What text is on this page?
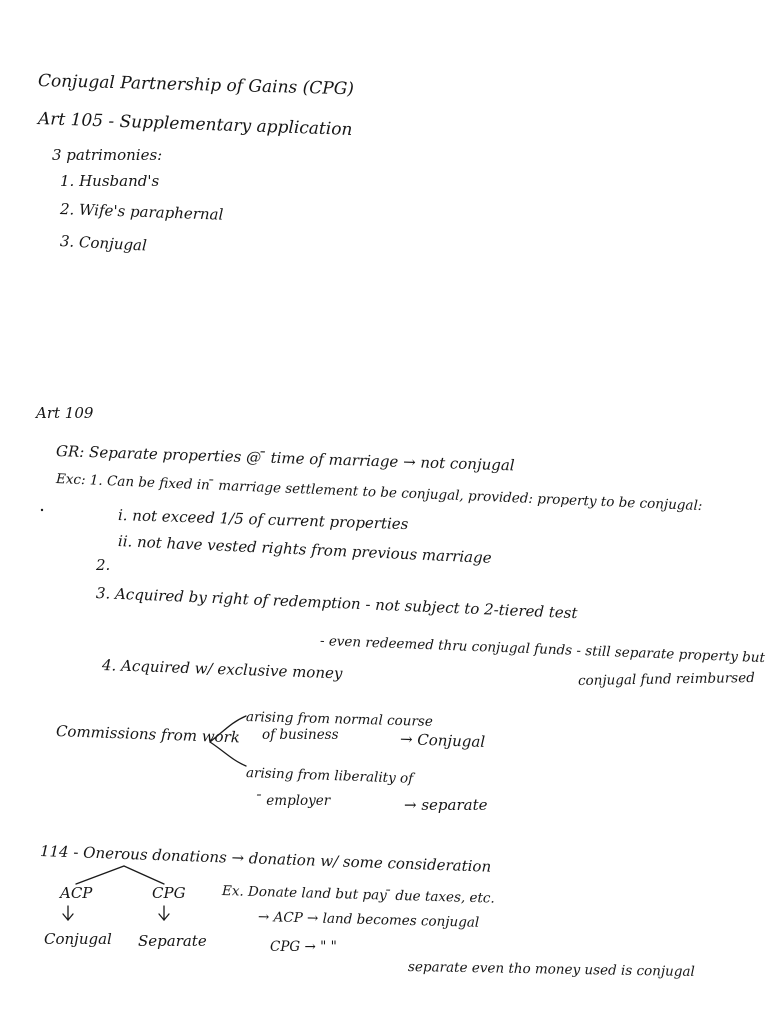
Conjugal Partnership of Gains (CPG)
Art 105 - Supplementary application
3 patrimonies:
1. Husband's
2. Wife's paraphernal
3. Conjugal
Art 109
GR: Separate properties @ ̄ time of marriage → not conjugal
Exc: 1. Can be fixed in ̄ marriage settlement to be conjugal, provided: property to be conjugal:
i. not exceed 1/5 of current properties
ii. not have vested rights from previous marriage
2.
3. Acquired by right of redemption - not subject to 2-tiered test
- even redeemed thru conjugal funds - still separate property but
conjugal fund reimbursed
4. Acquired w/ exclusive money
Commissions from work
arising from normal course
of business	→ Conjugal
arising from liberality of
̄ employer	→ separate
114 - Onerous donations → donation w/ some consideration
ACP	CPG
Conjugal Separate
Ex. Donate land but pay ̄ due taxes, etc.
→ ACP → land becomes conjugal
CPG → " "
separate even tho money used is conjugal
